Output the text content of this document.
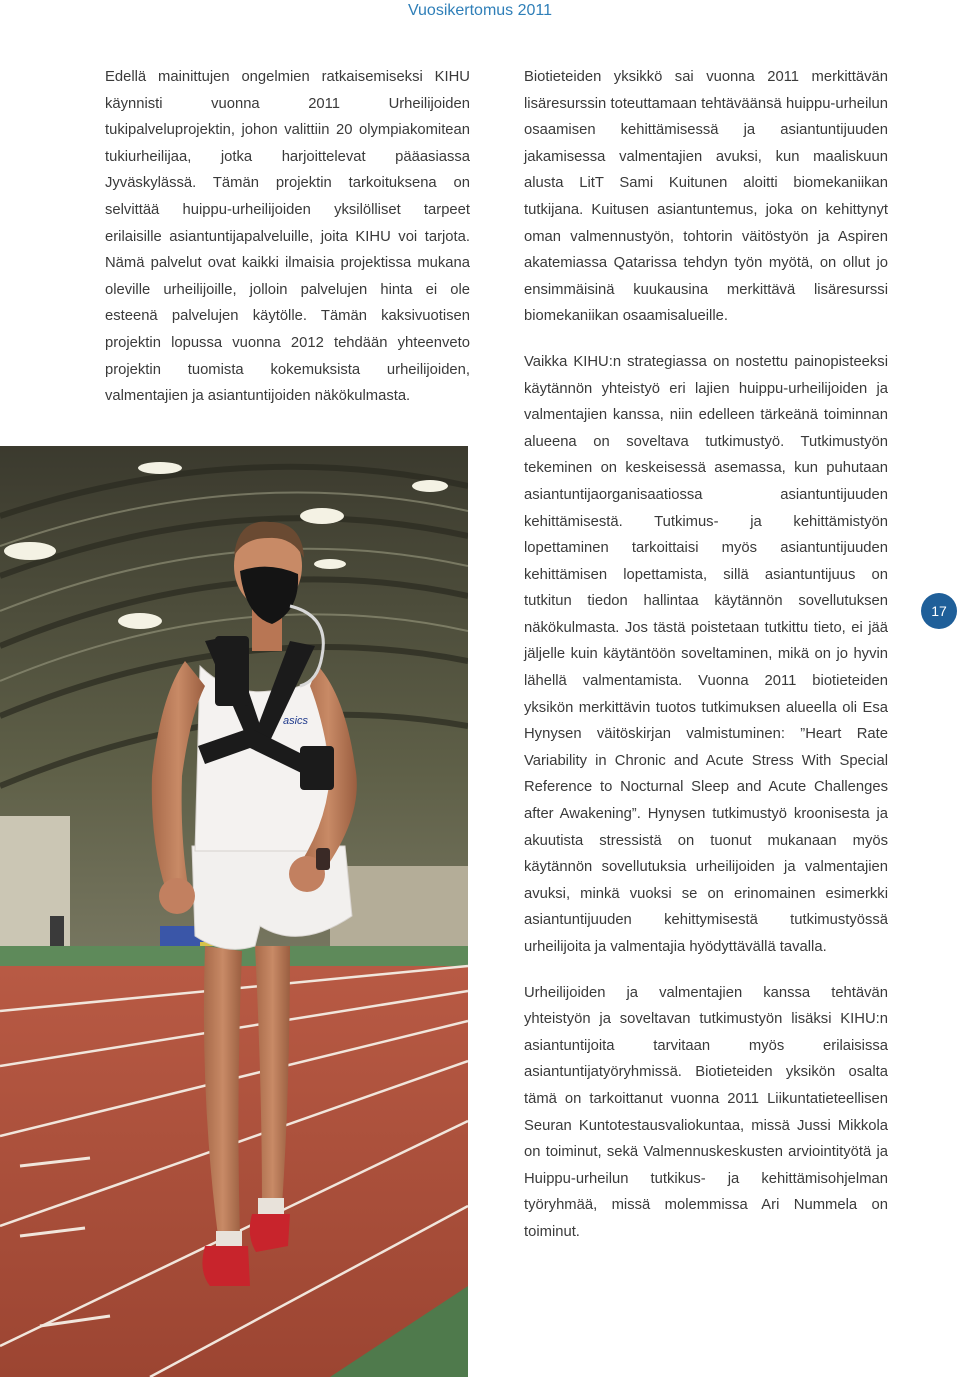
Vuosikertomus 2011

Edellä mainittujen ongelmien ratkaisemiseksi KIHU käynnisti vuonna 2011 Urheilijoiden tukipalveluprojektin, johon valittiin 20 olympiakomitean tukiurheilijaa, jotka harjoittelevat pääasiassa Jyväskylässä. Tämän projektin tarkoituksena on selvittää huippu-urheilijoiden yksilölliset tarpeet erilaisille asiantuntijapalveluille, joita KIHU voi tarjota. Nämä palvelut ovat kaikki ilmaisia projektissa mukana oleville urheilijoille, jolloin palvelujen hinta ei ole esteenä palvelujen käytölle. Tämän kaksivuotisen projektin lopussa vuonna 2012 tehdään yhteenveto projektin tuomista kokemuksista urheilijoiden, valmentajien ja asiantuntijoiden näkökulmasta.

Biotieteiden yksikkö sai vuonna 2011 merkittävän lisäresurssin toteuttamaan tehtäväänsä huippu-urheilun osaamisen kehittämisessä ja asiantuntijuuden jakamisessa valmentajien avuksi, kun maaliskuun alusta LitT Sami Kuitunen aloitti biomekaniikan tutkijana. Kuitusen asiantuntemus, joka on kehittynyt oman valmennustyön, tohtorin väitöstyön ja Aspiren akatemiassa Qatarissa tehdyn työn myötä, on ollut jo ensimmäisinä kuukausina merkittävä lisäresurssi biomekaniikan osaamisalueille.

Vaikka KIHU:n strategiassa on nostettu painopisteeksi käytännön yhteistyö eri lajien huippu-urheilijoiden ja valmentajien kanssa, niin edelleen tärkeänä toiminnan alueena on soveltava tutkimustyö. Tutkimustyön tekeminen on keskeisessä asemassa, kun puhutaan asiantuntijaorganisaatiossa asiantuntijuuden kehittämisestä. Tutkimus- ja kehittämistyön lopettaminen tarkoittaisi myös asiantuntijuuden kehittämisen lopettamista, sillä asiantuntijuus on tutkitun tiedon hallintaa käytännön sovellutuksen näkökulmasta. Jos tästä poistetaan tutkittu tieto, ei jää jäljelle kuin käytäntöön soveltaminen, mikä on jo hyvin lähellä valmentamista. Vuonna 2011 biotieteiden yksikön merkittävin tuotos tutkimuksen alueella oli Esa Hynysen väitöskirjan valmistuminen: ”Heart Rate Variability in Chronic and Acute Stress With Special Reference to Nocturnal Sleep and Acute Challenges after Awakening”. Hynysen tutkimustyö kroonisesta ja akuutista stressistä on tuonut mukanaan myös käytännön sovellutuksia urheilijoiden ja valmentajien avuksi, minkä vuoksi se on erinomainen esimerkki asiantuntijuuden kehittymisestä tutkimustyössä urheilijoita ja valmentajia hyödyttävällä tavalla.

Urheilijoiden ja valmentajien kanssa tehtävän yhteistyön ja soveltavan tutkimustyön lisäksi KIHU:n asiantuntijoita tarvitaan myös erilaisissa asiantuntijatyöryhmissä. Biotieteiden yksikön osalta tämä on tarkoittanut vuonna 2011 Liikuntatieteellisen Seuran Kuntotestausvaliokuntaa, missä Jussi Mikkola on toiminut, sekä Valmennuskeskusten arviointityötä ja Huippu-urheilun tutkikus- ja kehittämisohjelman työryhmää, missä molemmissa Ari Nummela on toiminut.

asics
17
